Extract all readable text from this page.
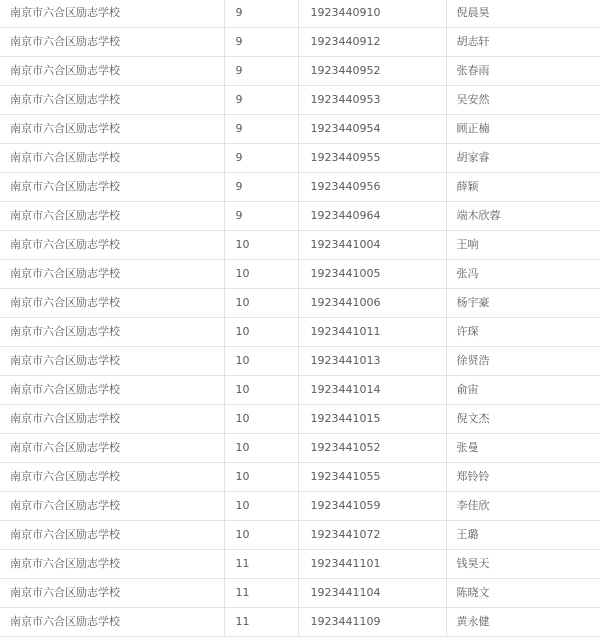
南京市六合区励志学校	9	1923440910	倪晨昊
南京市六合区励志学校	9	1923440912	胡志轩
南京市六合区励志学校	9	1923440952	张春雨
南京市六合区励志学校	9	1923440953	吴安然
南京市六合区励志学校	9	1923440954	顾正楠
南京市六合区励志学校	9	1923440955	胡家睿
南京市六合区励志学校	9	1923440956	薛颖
南京市六合区励志学校	9	1923440964	端木欣蓉
南京市六合区励志学校	10	1923441004	王响
南京市六合区励志学校	10	1923441005	张冯
南京市六合区励志学校	10	1923441006	杨宇豪
南京市六合区励志学校	10	1923441011	许琛
南京市六合区励志学校	10	1923441013	徐贤浩
南京市六合区励志学校	10	1923441014	俞宙
南京市六合区励志学校	10	1923441015	倪文杰
南京市六合区励志学校	10	1923441052	张曼
南京市六合区励志学校	10	1923441055	郑铃铃
南京市六合区励志学校	10	1923441059	李佳欣
南京市六合区励志学校	10	1923441072	王璐
南京市六合区励志学校	11	1923441101	钱昊天
南京市六合区励志学校	11	1923441104	陈晓文
南京市六合区励志学校	11	1923441109	黄永健
